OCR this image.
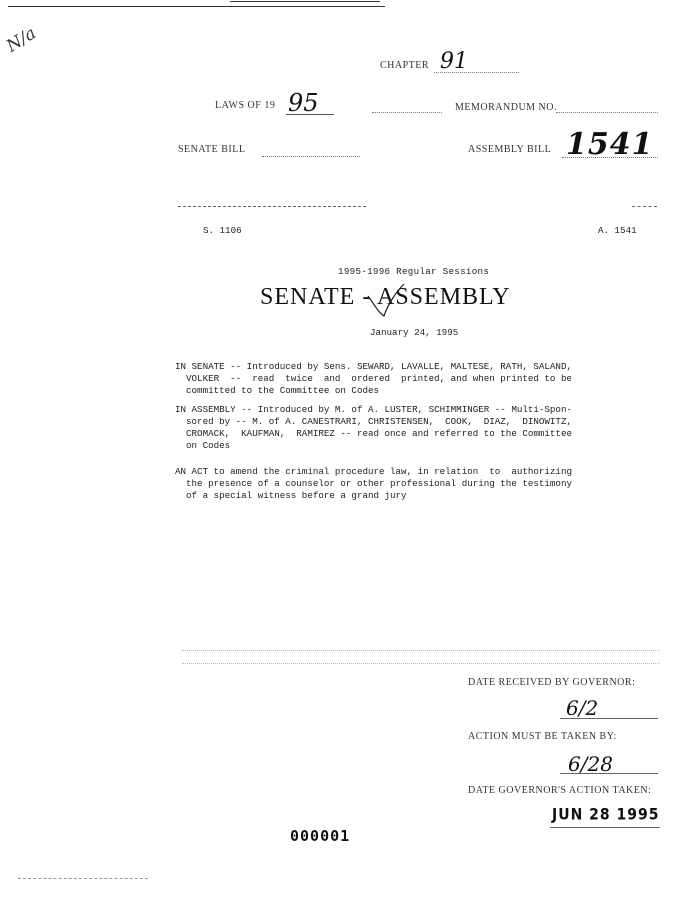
N/a
CHAPTER 91
LAWS OF 19 95	MEMORANDUM NO.
SENATE BILL	ASSEMBLY BILL 1541
S. 1106	A. 1541
1995-1996 Regular Sessions
SENATE - ASSEMBLY
January 24, 1995
IN SENATE -- Introduced by Sens. SEWARD, LAVALLE, MALTESE, RATH, SALAND,
VOLKER  --  read  twice  and  ordered  printed, and when printed to be
committed to the Committee on Codes
IN ASSEMBLY -- Introduced by M. of A. LUSTER, SCHIMMINGER -- Multi-Spon-
sored by -- M. of A. CANESTRARI, CHRISTENSEN,  COOK,  DIAZ,  DINOWITZ,
CROMACK,  KAUFMAN,  RAMIREZ -- read once and referred to the Committee
on Codes
AN ACT to amend the criminal procedure law, in relation  to  authorizing
the presence of a counselor or other professional during the testimony
of a special witness before a grand jury
DATE RECEIVED BY GOVERNOR:
6/2
ACTION MUST BE TAKEN BY:
6/28
DATE GOVERNOR'S ACTION TAKEN:
JUN 28 1995
000001
